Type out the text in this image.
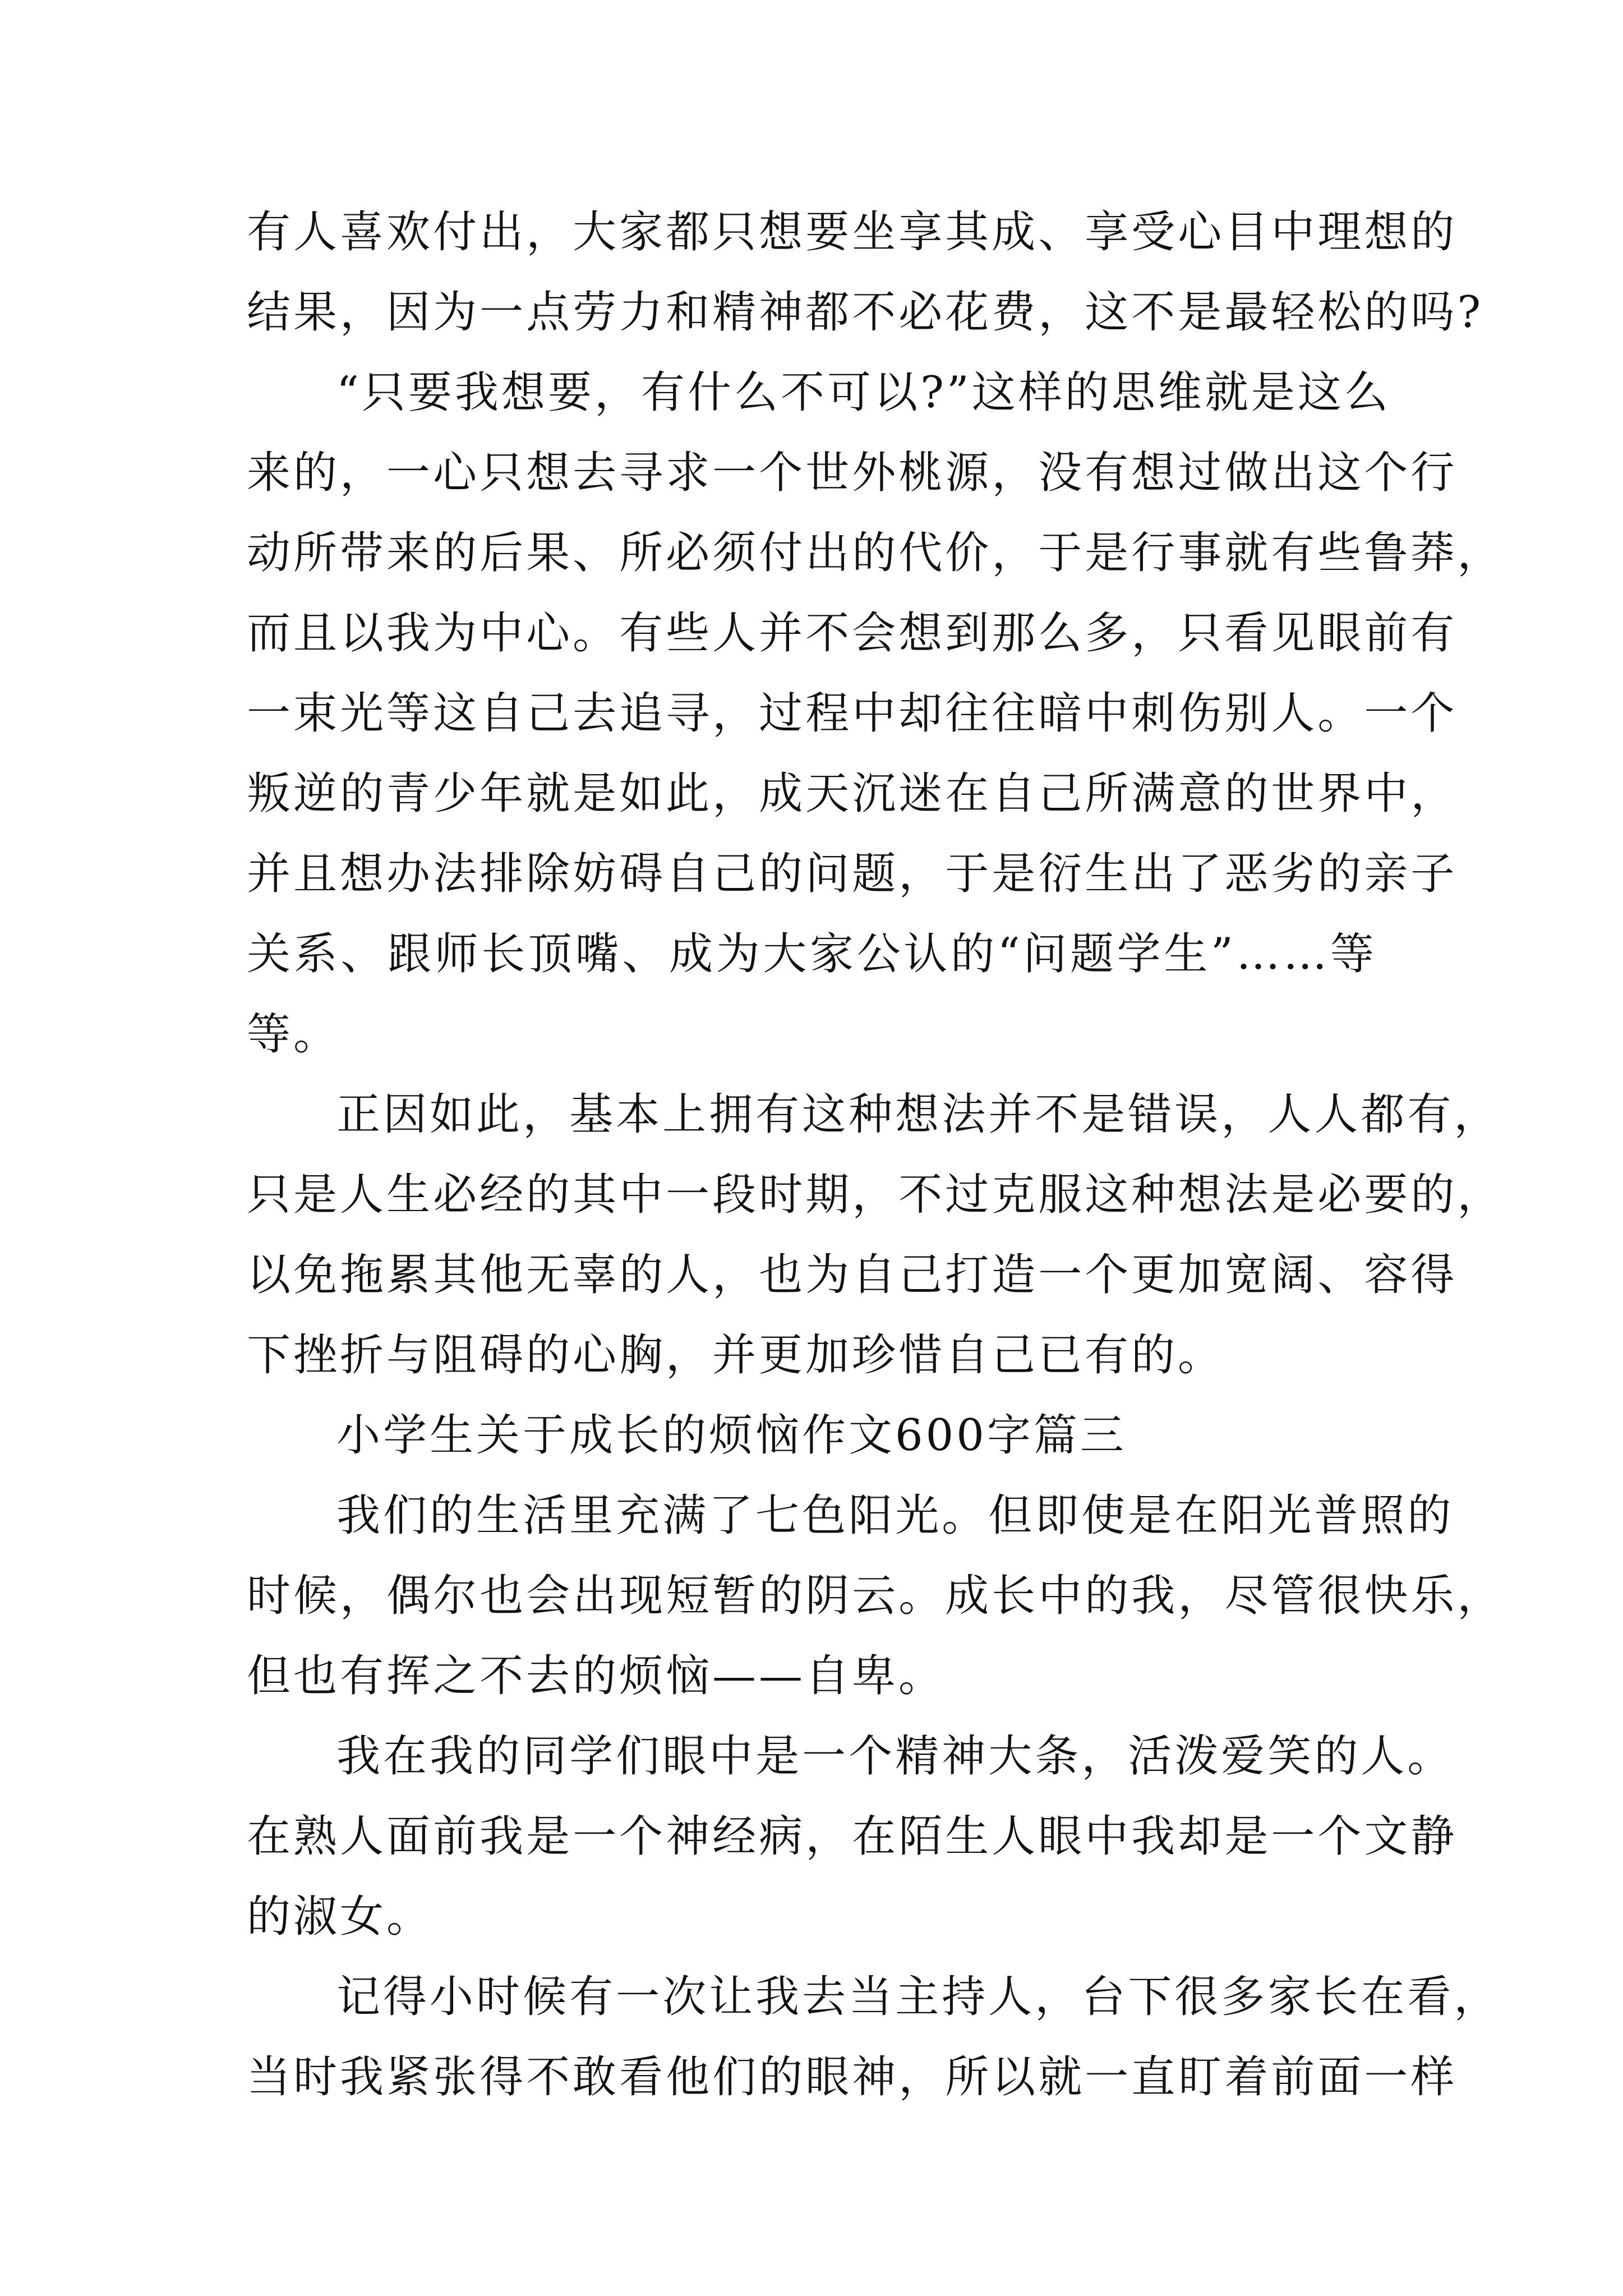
有 人 喜 欢 付 出 ， 大 家 都 只 想 要 坐 享 其 成 、 享 受 心 目 中 理 想 的
结 果 ， 因 为 一 点 劳 力 和 精 神 都 不 必 花 费 ， 这 不 是 最 轻 松 的 吗 ?
“ 只 要 我 想 要 ， 有 什 么 不 可 以 ? ” 这 样 的 思 维 就 是 这 么
来 的 ， 一 心 只 想 去 寻 求 一 个 世 外 桃 源 ， 没 有 想 过 做 出 这 个 行
动 所 带 来 的 后 果 、 所 必 须 付 出 的 代 价 ， 于 是 行 事 就 有 些 鲁 莽 ，
而 且 以 我 为 中 心 。 有 些 人 并 不 会 想 到 那 么 多 ， 只 看 见 眼 前 有
一 束 光 等 这 自 己 去 追 寻 ， 过 程 中 却 往 往 暗 中 刺 伤 别 人 。 一 个
叛 逆 的 青 少 年 就 是 如 此 ， 成 天 沉 迷 在 自 己 所 满 意 的 世 界 中 ，
并 且 想 办 法 排 除 妨 碍 自 己 的 问 题 ， 于 是 衍 生 出 了 恶 劣 的 亲 子
关 系 、 跟 师 长 顶 嘴 、 成 为 大 家 公 认 的 “ 问 题 学 生 ” … … 等
等。
正 因 如 此 ， 基 本 上 拥 有 这 种 想 法 并 不 是 错 误 ， 人 人 都 有 ，
只 是 人 生 必 经 的 其 中 一 段 时 期 ， 不 过 克 服 这 种 想 法 是 必 要 的 ，
以 免 拖 累 其 他 无 辜 的 人 ， 也 为 自 己 打 造 一 个 更 加 宽 阔 、 容 得
下挫折与阻碍的心胸，并更加珍惜自己已有的。
小学生关于成长的烦恼作文600字篇三
我 们 的 生 活 里 充 满 了 七 色 阳 光 。 但 即 使 是 在 阳 光 普 照 的
时 候 ， 偶 尔 也 会 出 现 短 暂 的 阴 云 。 成 长 中 的 我 ， 尽 管 很 快 乐 ，
但也有挥之不去的烦恼——自卑。
我 在 我 的 同 学 们 眼 中 是 一 个 精 神 大 条 ， 活 泼 爱 笑 的 人 。
在 熟 人 面 前 我 是 一 个 神 经 病 ， 在 陌 生 人 眼 中 我 却 是 一 个 文 静
的淑女。
记 得 小 时 候 有 一 次 让 我 去 当 主 持 人 ， 台 下 很 多 家 长 在 看 ，
当 时 我 紧 张 得 不 敢 看 他 们 的 眼 神 ， 所 以 就 一 直 盯 着 前 面 一 样
